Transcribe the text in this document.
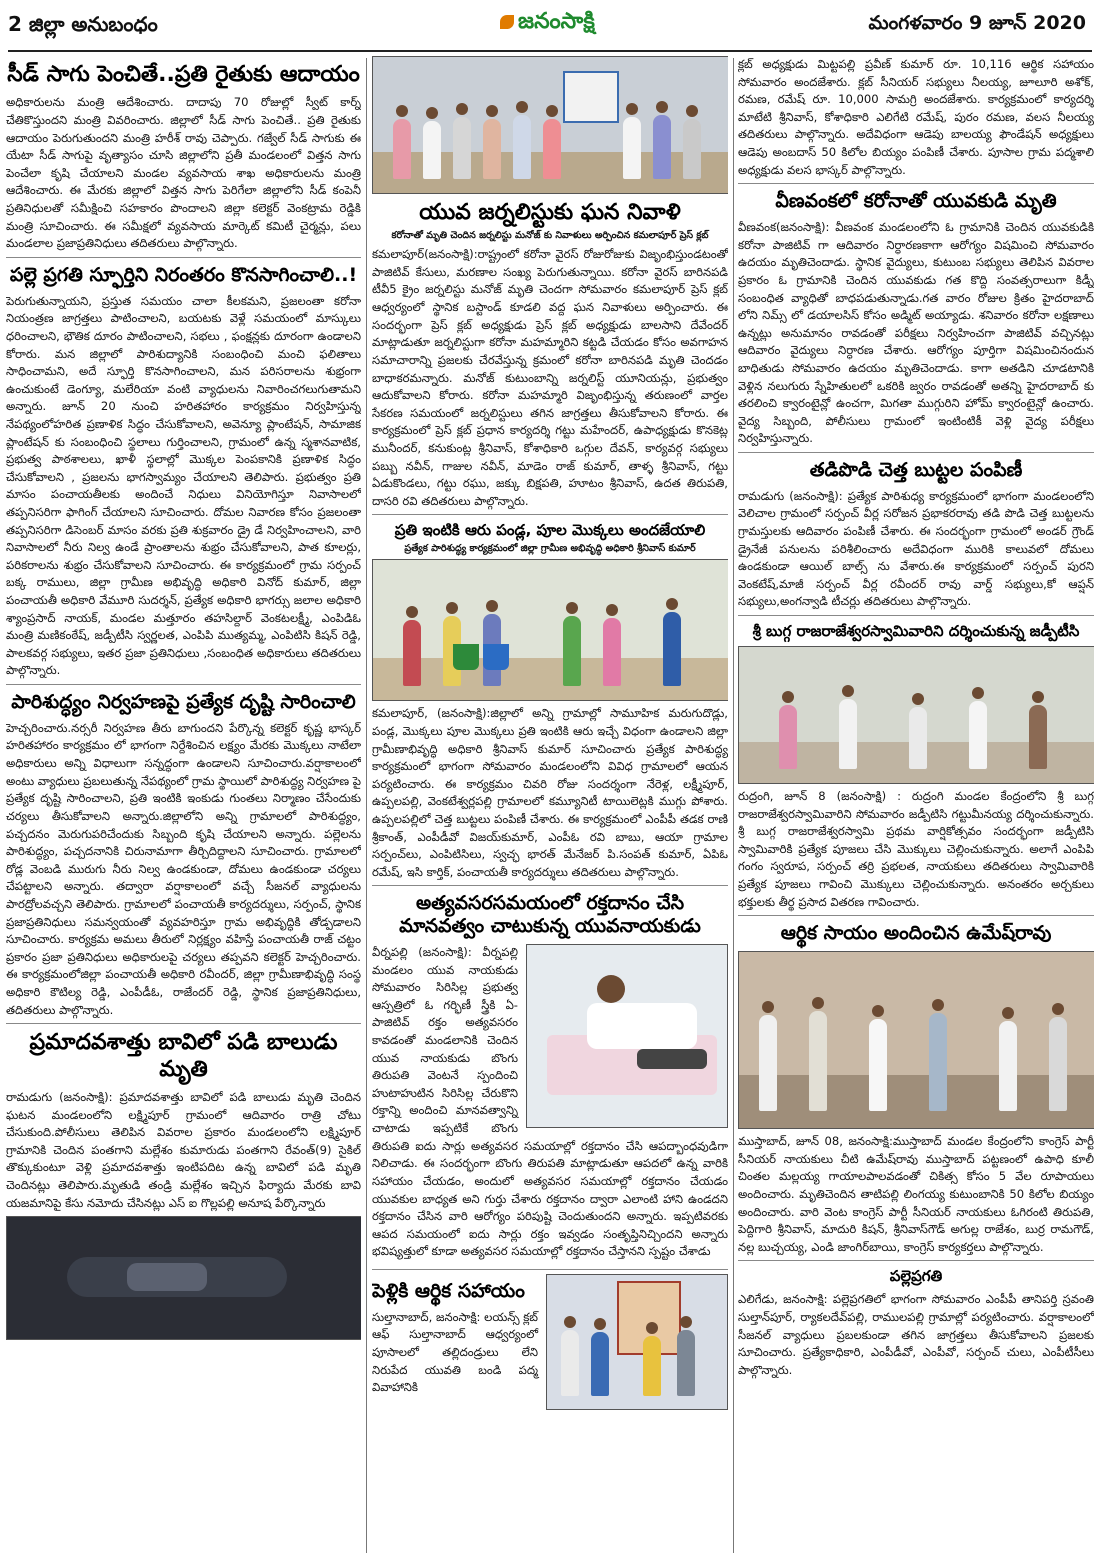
2 జిల్లా అనుబంధం	జనంసాక్షి	మంగళవారం 9 జూన్ 2020
సీడ్ సాగు పెంచితే..ప్రతి రైతుకు ఆదాయం

అధికారులను మంత్రి ఆదేశించారు. దాదాపు 70 రోజుల్లో స్వీట్ కార్న్ చేతికొస్తుందని మంత్రి వివరించారు. జిల్లాలో సీడ్ సాగు పెంచితే.. ప్రతి రైతుకు ఆదాయం పెరుగుతుందని మంత్రి హరీశ్ రావు చెప్పారు. గజ్వేల్ సీడ్ సాగుకు ఈ యేటా సీడ్ సాగుపై వృత్యాసం చూసి జిల్లాలోని ప్రతీ మండలంలో విత్తన సాగు పెంచేలా కృషి చేయాలని మండల వ్యవసాయ శాఖ అధికారులను మంత్రి ఆదేశించారు. ఈ మేరకు జిల్లాలో విత్తన సాగు పెరిగేలా జిల్లాలోని సీడ్ కంపెనీ ప్రతినిధులతో సమీక్షించి సహకారం పొందాలని జిల్లా కలెక్టర్ వెంకట్రామ రెడ్డికి మంత్రి సూచించారు. ఈ సమీక్షలో వ్యవసాయ మార్కెట్ కమిటీ చైర్మన్లు, పలు మండలాల ప్రజాప్రతినిధులు తదితరులు పాల్గొన్నారు.

పల్లె ప్రగతి స్ఫూర్తిని నిరంతరం కొనసాగించాలి..!

పెరుగుతున్నాయని, ప్రస్తుత సమయం చాలా కీలకమని, ప్రజలంతా కరోనా నియంత్రణ జాగ్రత్తలు పాటించాలని, బయటకు వెళ్లే సమయంలో మాస్కులు ధరించాలని, భౌతిక దూరం పాటించాలని, సభలు , ఫంక్షన్లకు దూరంగా ఉండాలని కోరారు. మన జిల్లాలో పారిశుద్యానికి సంబంధించి మంచి ఫలితాలు సాధించామని, అదే స్ఫూర్తి కొనసాగించాలని, మన పరిసరాలను శుభ్రంగా ఉంచుకుంటే డెంగ్యూ, మలేరియా వంటి వ్యాధులను నివారించగలుగుతామని అన్నారు. జూన్ 20 నుంచి హరితహారం కార్యక్రమం నిర్వహిస్తున్న నేపథ్యంలోహరిత ప్రణాళిక సిద్ధం చేసుకోవాలని, అవెన్యూ ప్లాంటేషన్, సామాజిక ప్లాంటేషన్ కు సంబంధించి స్థలాలు గుర్తించాలని, గ్రామంలో ఉన్న స్మశానవాటిక, ప్రభుత్వ పాఠశాలలు, ఖాళీ స్థలాల్లో మొక్కల పెంపకానికి ప్రణాళిక సిద్ధం చేసుకోవాలని , ప్రజలను భాగస్వామ్యం చేయాలని తెలిపారు. ప్రభుత్వం ప్రతి మాసం పంచాయతీలకు అందించే నిధులు వినియోగిస్తూ నివాసాలలో తప్పనిసరిగా ఫాగింగ్ చేయాలని సూచించారు. దోమల నివారణ కోసం ప్రజలంతా తప్పనిసరిగా డిసెంబర్ మాసం వరకు ప్రతి శుక్రవారం డ్రై డే నిర్వహించాలని, వారి నివాసాలలో నీరు నిల్వ ఉండే ప్రాంతాలను శుభ్రం చేసుకోవాలని, పాత కూలర్లు, పరికరాలను శుభ్రం చేసుకోవాలని సూచించారు. ఈ కార్యక్రమంలో గ్రామ సర్పంచ్ బక్క రాములు, జిల్లా గ్రామీణ అభివృద్ధి అధికారి వినోద్ కుమార్, జిల్లా పంచాయతీ అధికారి వేమూరి సుదర్శన్, ప్రత్యేక అధికారి భాగర్సు జలాల అధికారి శ్యాంప్రసాద్ నాయక్, మండల మత్తూరం తహసిల్దార్ వెంకటలక్ష్మీ, ఎంపిడిఓ మంత్రి మణికంఠేష్, జడ్పీటీసి స్వర్ణలత, ఎంపిపి ముత్యమ్మ, ఎంపిటిసి కిషన్ రెడ్డి, పాలకవర్గ సభ్యులు, ఇతర ప్రజా ప్రతినిధులు ,సంబంధిత అధికారులు తదితరులు పాల్గొన్నారు.

పారిశుద్ధ్యం నిర్వహణపై ప్రత్యేక దృష్టి సారించాలి

హెచ్చరించారు.నర్సరీ నిర్వహణ తీరు బాగుందని పేర్కొన్న కలెక్టర్ కృష్ణ భాస్కర్ హరితహారం కార్యక్రమం లో భాగంగా నిర్దేశించిన లక్ష్యం మేరకు మొక్కలు నాటేలా అధికారులు అన్ని విధాలుగా సన్నద్ధంగా ఉండాలని సూచించారు.వర్షాకాలంలో అంటు వ్యాధులు ప్రబలుతున్న నేపథ్యంలో గ్రామ స్థాయిలో పారిశుద్ధ్య నిర్వహణ పై ప్రత్యేక దృష్టి సారించాలని, ప్రతి ఇంటికి ఇంకుడు గుంతలు నిర్మాణం చేసేందుకు చర్యలు తీసుకోవాలని అన్నారు.జిల్లాలోని అన్ని గ్రామాలలో పారిశుద్ధ్యం, పచ్చదనం మెరుగుపరిచేందుకు సిబ్బంది కృషి చేయాలని అన్నారు. పల్లెలను పారిశుద్ధ్యం, పచ్చదనానికి చిరునామాగా తీర్చిదిద్దాలని సూచించారు. గ్రామాలలో రోడ్ల వెంబడి మురుగు నీరు నిల్వ ఉండకుండా, దోమలు ఉండకుండా చర్యలు చేపట్టాలని అన్నారు. తద్వారా వర్షాకాలంలో వచ్చే సీజనల్ వ్యాధులను పారద్రోలవచ్చని తెలిపారు. గ్రామాలలో పంచాయతీ కార్యదర్శులు, సర్పంచ్, స్థానిక ప్రజాప్రతినిధులు సమన్వయంతో వ్యవహరిస్తూ గ్రామ అభివృద్ధికి తోడ్పడాలని సూచించారు. కార్యక్రమ అమలు తీరులో నిర్లక్ష్యం వహిస్తే పంచాయతీ రాజ్ చట్టం ప్రకారం ప్రజా ప్రతినిధులు అధికారులపై చర్యలు తప్పవని కలెక్టర్ హెచ్చరించారు. ఈ కార్యక్రమంలోజిల్లా పంచాయతీ అధికారి రవీందర్, జిల్లా గ్రామీణాభివృద్ధి సంస్థ అధికారి కౌటిల్య రెడ్డి, ఎంపీడీఓ, రాజేందర్ రెడ్డి, స్థానిక ప్రజాప్రతినిధులు, తదితరులు పాల్గొన్నారు.

ప్రమాదవశాత్తు బావిలో పడి బాలుడు మృతి

రామడుగు (జనంసాక్షి): ప్రమాదవశాత్తు బావిలో పడి బాలుడు మృతి చెందిన ఘటన మండలంలోని లక్ష్మిపూర్ గ్రామంలో ఆదివారం రాత్రి చోటు చేసుకుంది.పోలీసులు తెలిపిన వివరాల ప్రకారం మండలంలోని లక్ష్మిపూర్ గ్రామానికి చెందిన పంతగాని మల్లేశం కుమారుడు పంతగాని రేవంత్(9) సైకిల్ తొక్కుకుంటూ వెళ్లి ప్రమాదవశాత్తు ఇంటిపదిట ఉన్న బావిలో పడి మృతి చెందినట్లు తెలిపారు.మృతుడి తండ్రి మల్లేశం ఇచ్చిన ఫిర్యాదు మేరకు బావి యజమానిపై కేసు నమోదు చేసినట్లు ఎస్ ఐ గొల్లపల్లి అనూష పేర్కొన్నారు

యువ జర్నలిస్టుకు ఘన నివాళి
కరోనాతో మృతి చెందిన జర్నలిస్టు మనోజ్ కు నివాళులు అర్పించిన కమలాపూర్ ప్రెస్ క్లబ్

కమలాపూర్(జనంసాక్షి):రాష్ట్రంలో కరోనా వైరస్ రోజురోజుకు విజృంభిస్తుండటంతో పాజిటివ్ కేసులు, మరణాల సంఖ్య పెరుగుతున్నాయి. కరోనా వైరస్ బారినపడి టీవీ5 క్రైం జర్నలిస్టు మనోజ్ మృతి చెందగా సోమవారం కమలాపూర్ ప్రెస్ క్లబ్ ఆధ్వర్యంలో స్థానిక బస్టాండ్ కూడలి వద్ద ఘన నివాళులు అర్పించారు. ఈ సందర్భంగా ప్రెస్ క్లబ్ అధ్యక్షుడు ప్రెస్ క్లబ్ అధ్యక్షుడు బాలసాని దేవేందర్ మాట్లాడుతూ జర్నలిస్టుగా కరోనా మహమ్మారిని కట్టడి చేయడం కోసం అవగాహన సమాచారాన్ని ప్రజలకు చేరవేస్తున్న క్రమంలో కరోనా బారినపడి మృతి చెందడం బాధాకరమన్నారు. మనోజ్ కుటుంబాన్ని జర్నలిస్ట్ యూనియన్లు, ప్రభుత్వం ఆదుకోవాలని కోరారు. కరోనా మహమ్మారి విజృంభిస్తున్న తరుణంలో వార్తల సేకరణ సమయంలో జర్నలిస్టులు తగిన జాగ్రత్తలు తీసుకోవాలని కోరారు. ఈ కార్యక్రమంలో ప్రెస్ క్లబ్ ప్రధాన కార్యదర్శి గట్టు మహేందర్, ఉపాధ్యక్షుడు కొనకెట్ల మునీందర్, కనుకుంట్ల శ్రీనివాస్, కోశాధికారి ఒగ్గుల దేవన్, కార్యవర్గ సభ్యులు పబ్బు నవీన్, గాజుల నవీన్, మాడెం రాజ్ కుమార్, తాళ్ళ శ్రీనివాస్, గట్టు ఏడుకొండలు, గట్టు రఘు, జక్కు బిక్షపతి, హూటం శ్రీనివాస్, ఉదత తిరుపతి, దాసరి రవి తదితరులు పాల్గొన్నారు.

ప్రతి ఇంటికి ఆరు పండ్ల, పూల మొక్కలు అందజేయాలి
ప్రత్యేక పారిశుద్ధ్య కార్యక్రమంలో జిల్లా గ్రామీణ అభివృద్ధి అధికారి శ్రీనివాస్ కుమార్

కమలాపూర్, (జనంసాక్షి):జిల్లాలో అన్ని గ్రామాల్లో సామూహిక మరుగుదొడ్లు, పండ్ల, మొక్కలు పూల మొక్కలు ప్రతి ఇంటికి ఆరు ఇచ్చే విధంగా ఉండాలని జిల్లా గ్రామీణాభివృద్ధి అధికారి శ్రీనివాస్ కుమార్ సూచించారు ప్రత్యేక పారిశుద్ధ్య కార్యక్రమంలో భాగంగా సోమవారం మండలంలోని వివిధ గ్రామాలలో ఆయన పర్యటించారు. ఈ కార్యక్రమం చివరి రోజు సందర్శంగా నేరెళ్ల, లక్ష్మీపూర్, ఉప్పలపల్లి, వెంకటేశ్వర్లపల్లి గ్రామాలలో కమ్యూనిటీ టాయిలెట్లకి ముగ్గు పోశారు. ఉప్పలపల్లిలో చెత్త బుట్టలు పంపిణీ చేశారు. ఈ కార్యక్రమంలో ఎంపీపీ తడక రాణి శ్రీకాంత్, ఎంపీడీవో విజయ్‌కుమార్, ఎంపీఓ రవి బాబు, ఆయా గ్రామాల సర్పంచ్‌లు, ఎంపిటిసిలు, స్వచ్ఛ భారత్ మేనేజర్ పి.సంపత్ కుమార్, ఏపిఓ రమేష్, ఇసి కార్తిక్, పంచాయతీ కార్యదర్శులు తదితరులు పాల్గొన్నారు.

అత్యవసరసమయంలో రక్తదానం చేసి మానవత్వం చాటుకున్న యువనాయకుడు

వీర్నపల్లి (జనంసాక్షి): వీర్నపల్లి మండలం యువ నాయకుడు సోమవారం సిరిసిల్ల ప్రభుత్వ ఆస్పత్రిలో ఓ గర్భిణీ స్త్రీకి ఏ-పాజిటివ్ రక్తం అత్యవసరం కావడంతో మండలానికి చెందిన యువ నాయకుడు బొంగు తిరుపతి వెంటనే స్పందించి హుటాహుటిన సిరిసిల్ల చేరుకొని రక్తాన్ని అందించి మానవత్వాన్ని చాటాడు ఇప్పటికే బొంగు తిరుపతి ఐదు సార్లు అత్యవసర సమయాల్లో రక్తదానం చేసి ఆపద్బాంధవుడిగా నిలిచాడు. ఈ సందర్భంగా బొంగు తిరుపతి మాట్లాడుతూ ఆపదలో ఉన్న వారికి సహాయం చేయడం, అందులో అత్యవసర సమయాల్లో రక్తదానం చేయడం యువకుల బాధ్యత అని గుర్తు చేశారు రక్తదానం ద్వారా ఎలాంటి హాని ఉండదని రక్తదానం చేసిన వారి ఆరోగ్యం పరిపుష్టి చెందుతుందని అన్నారు. ఇప్పటివరకు ఆపద సమయంలో ఐదు సార్లు రక్తం ఇవ్వడం సంతృప్తినిచ్చిందని అన్నారు భవిష్యత్తులో కూడా అత్యవసర సమయాల్లో రక్తదానం చేస్తానని స్పష్టం చేశాడు

పెళ్లికి ఆర్థిక సహాయం

సుల్తానాబాద్, జనంసాక్షి: లయన్స్ క్లబ్ ఆఫ్ సుల్తానాబాద్ ఆధ్వర్యంలో పూసాలలో తల్లిదండ్రులు లేని నిరుపేద యువతి బండి పద్మ వివాహానికి

క్లబ్ అధ్యక్షుడు మిట్టపల్లి ప్రవీణ్ కుమార్ రూ. 10,116 ఆర్థిక సహాయం సోమవారం అందజేశారు. క్లబ్ సీనియర్ సభ్యులు నీలయ్య, జూలూరి అశోక్, రమణ, రమేష్ రూ. 10,000 సామగ్రి అందజేశారు. కార్యక్రమంలో కార్యదర్శి మాటేటి శ్రీనివాస్, కోశాధికారి ఎలిగేటి రమేష్, పురం రమణ, వలస నీలయ్య తదితరులు పాల్గొన్నారు. అదేవిధంగా ఆడెపు బాలయ్య ఫౌండేషన్ అధ్యక్షులు ఆడెపు అంబదాస్ 50 కిలోల బియ్యం పంపిణీ చేశారు. పూసాల గ్రామ పద్మశాలి అధ్యక్షుడు వలస భాస్కర్ పాల్గొన్నారు.

వీణవంకలో కరోనాతో యువకుడి మృతి

వీణవంక(జనంసాక్షి): వీణవంక మండలంలోని ఓ గ్రామానికి చెందిన యువకుడికి కరోనా పాజిటివ్ గా ఆదివారం నిర్ధారణకాగా ఆరోగ్యం విషమించి సోమవారం ఉదయం మృతిచెందాడు. స్థానిక వైద్యులు, కుటుంబ సభ్యులు తెలిపిన వివరాల ప్రకారం ఓ గ్రామానికి చెందిన యువకుడు గత కొద్ది సంవత్సరాలుగా కిడ్నీ సంబంధిత వ్యాధితో బాధపడుతున్నాడు.గత వారం రోజుల క్రితం హైదరాబాద్ లోని నిమ్స్ లో డయాలసిస్ కోసం అడ్మిట్ అయ్యాడు. శనివారం కరోనా లక్షణాలు ఉన్నట్లు అనుమానం రావడంతో పరీక్షలు నిర్వహించగా పాజిటివ్ వచ్చినట్లు ఆదివారం వైద్యులు నిర్ధారణ చేశారు. ఆరోగ్యం పూర్తిగా విషమించినందున బాధితుడు సోమవారం ఉదయం మృతిచెందాడు. కాగా అతడిని చూడటానికి వెళ్లిన నలుగురు స్నేహితులలో ఒకరికి జ్వరం రావడంతో అతన్ని హైదరాబాద్ కు తరలించి క్వారంటైన్లో ఉంచగా, మిగతా ముగ్గురిని హోమ్ క్వారంటైన్లో ఉంచారు. వైద్య సిబ్బంది, పోలీసులు గ్రామంలో ఇంటింటికీ వెళ్లి వైద్య పరీక్షలు నిర్వహిస్తున్నారు.

తడిపొడి చెత్త బుట్టల పంపిణీ

రామడుగు (జనంసాక్షి): ప్రత్యేక పారిశుధ్య కార్యక్రమంలో భాగంగా మండలంలోని వెలిచాల గ్రామంలో సర్పంచ్ వీర్ల సరోజన ప్రభాకరరావు తడి పొడి చెత్త బుట్టలను గ్రామస్తులకు ఆదివారం పంపిణీ చేశారు. ఈ సందర్భంగా గ్రామంలో అండర్ గ్రౌండ్ డ్రైనేజీ పనులను పరిశీలించారు అదేవిధంగా మురికి కాలువలో దోమలు ఉండకుండా ఆయిల్ బాల్స్ ను వేశారు.ఈ కార్యక్రమంలో సర్పంచ్ పురని వెంకటేష్,మాజీ సర్పంచ్ వీర్ల రవీందర్ రావు వార్డ్ సభ్యులు,కో ఆప్షన్ సభ్యులు,అంగన్వాడి టీచర్లు తదితరులు పాల్గొన్నారు.

శ్రీ బుగ్గ రాజరాజేశ్వరస్వామివారిని దర్శించుకున్న జడ్పీటీసి

రుద్రంగి, జూన్ 8 (జనంసాక్షి) : రుద్రంగి మండల కేంద్రంలోని శ్రీ బుగ్గ రాజరాజేశ్వరస్వామివారిని సోమవారం జడ్పీటిసి గట్టుమీనయ్య దర్శించుకున్నారు. శ్రీ బుగ్గ రాజరాజేశ్వరస్వామి ప్రథమ వార్షికోత్సవం సందర్భంగా జడ్పీటిసి స్వామివారికి ప్రత్యేక పూజలు చేసి మొక్కులు చెల్లించుకున్నారు. అలాగే ఎంపిపి గంగం స్వరూప, సర్పంచ్ తర్రి ప్రభలత, నాయకులు తదితరులు స్వామివారికి ప్రత్యేక పూజలు గావించి మొక్కులు చెల్లించుకున్నారు. అనంతరం అర్చకులు భక్తులకు తీర్థ ప్రసాద వితరణ గావించారు.

ఆర్థిక సాయం అందించిన ఉమేష్‌రావు

ముస్తాబాద్, జూన్ 08, జనంసాక్షి:ముస్తాబాద్ మండల కేంద్రంలోని కాంగ్రెస్ పార్టీ సీనియర్ నాయకులు చీటి ఉమేష్‌రావు ముస్తాబాద్ పట్టణంలో ఉపాధి కూలీ చింతల మల్లయ్య గాయాలపాలవడంతో చికిత్స కోసం 5 వేల రూపాయలు అందించారు. మృతిచెందిన తాటిపల్లి లింగయ్య కుటుంబానికి 50 కిలోల బియ్యం అందించారు. వారి వెంట కాంగ్రెస్ పార్టీ సీనియర్ నాయకులు ఓగిరంటి తిరుపతి, పెద్దిగారి శ్రీనివాస్, మాదురి కిషన్, శ్రీనివాస్‌గౌడ్ అగుల్ల రాజేశం, బుర్ర రామగౌడ్, నల్ల బుచ్చయ్య, ఎండి జాంగిర్‌బాయి, కాంగ్రెస్ కార్యకర్తలు పాల్గొన్నారు.

పల్లెప్రగతి

ఎలిగేడు, జనంసాక్షి: పల్లెప్రగతిలో భాగంగా సోమవారం ఎంపీపీ తానిపర్తి స్రవంతి సుల్తాన్‌పూర్, ర్యాకలదేవ్‌పల్లి, రాములపల్లి గ్రామాల్లో పర్యటించారు. వర్షాకాలంలో సీజనల్ వ్యాధులు ప్రబలకుండా తగిన జాగ్రత్తలు తీసుకోవాలని ప్రజలకు సూచించారు. ప్రత్యేకాధికారి, ఎంపీడీవో, ఎంపీవో, సర్పంచ్ చులు, ఎంపీటీసీలు పాల్గొన్నారు.
